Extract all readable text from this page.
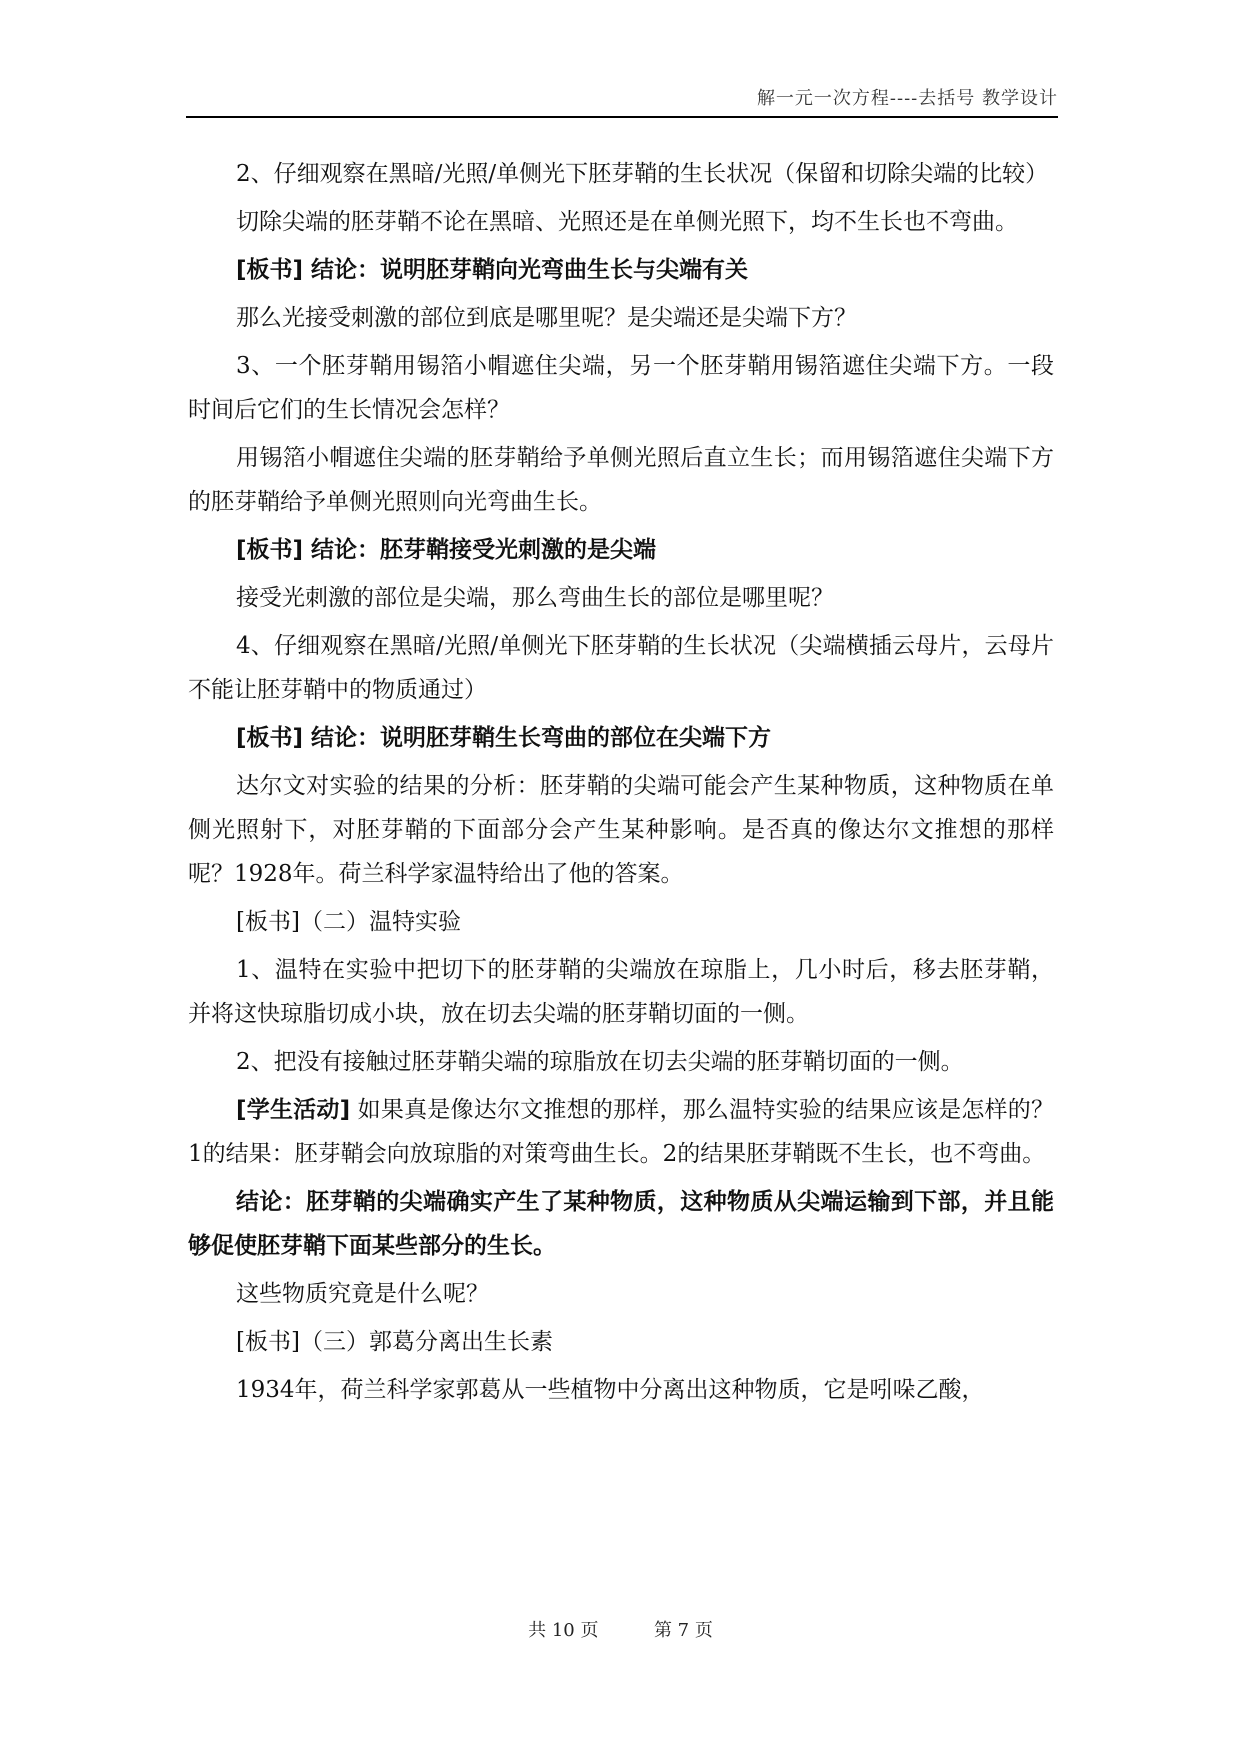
解一元一次方程----去括号 教学设计

2、仔细观察在黑暗/光照/单侧光下胚芽鞘的生长状况（保留和切除尖端的比较）

切除尖端的胚芽鞘不论在黑暗、光照还是在单侧光照下，均不生长也不弯曲。

[板书] 结论：说明胚芽鞘向光弯曲生长与尖端有关

那么光接受刺激的部位到底是哪里呢？是尖端还是尖端下方？

3、一个胚芽鞘用锡箔小帽遮住尖端，另一个胚芽鞘用锡箔遮住尖端下方。一段时间后它们的生长情况会怎样？

用锡箔小帽遮住尖端的胚芽鞘给予单侧光照后直立生长；而用锡箔遮住尖端下方的胚芽鞘给予单侧光照则向光弯曲生长。

[板书] 结论：胚芽鞘接受光刺激的是尖端

接受光刺激的部位是尖端，那么弯曲生长的部位是哪里呢？

4、仔细观察在黑暗/光照/单侧光下胚芽鞘的生长状况（尖端横插云母片，云母片不能让胚芽鞘中的物质通过）

[板书] 结论：说明胚芽鞘生长弯曲的部位在尖端下方

达尔文对实验的结果的分析：胚芽鞘的尖端可能会产生某种物质，这种物质在单侧光照射下，对胚芽鞘的下面部分会产生某种影响。是否真的像达尔文推想的那样呢？1928年。荷兰科学家温特给出了他的答案。

[板书]（二）温特实验

1、温特在实验中把切下的胚芽鞘的尖端放在琼脂上，几小时后，移去胚芽鞘，并将这快琼脂切成小块，放在切去尖端的胚芽鞘切面的一侧。

2、把没有接触过胚芽鞘尖端的琼脂放在切去尖端的胚芽鞘切面的一侧。

[学生活动] 如果真是像达尔文推想的那样，那么温特实验的结果应该是怎样的？1的结果：胚芽鞘会向放琼脂的对策弯曲生长。2的结果胚芽鞘既不生长，也不弯曲。

结论：胚芽鞘的尖端确实产生了某种物质，这种物质从尖端运输到下部，并且能够促使胚芽鞘下面某些部分的生长。

这些物质究竟是什么呢？

[板书]（三）郭葛分离出生长素

1934年，荷兰科学家郭葛从一些植物中分离出这种物质，它是吲哚乙酸，

共 10 页	第 7 页
